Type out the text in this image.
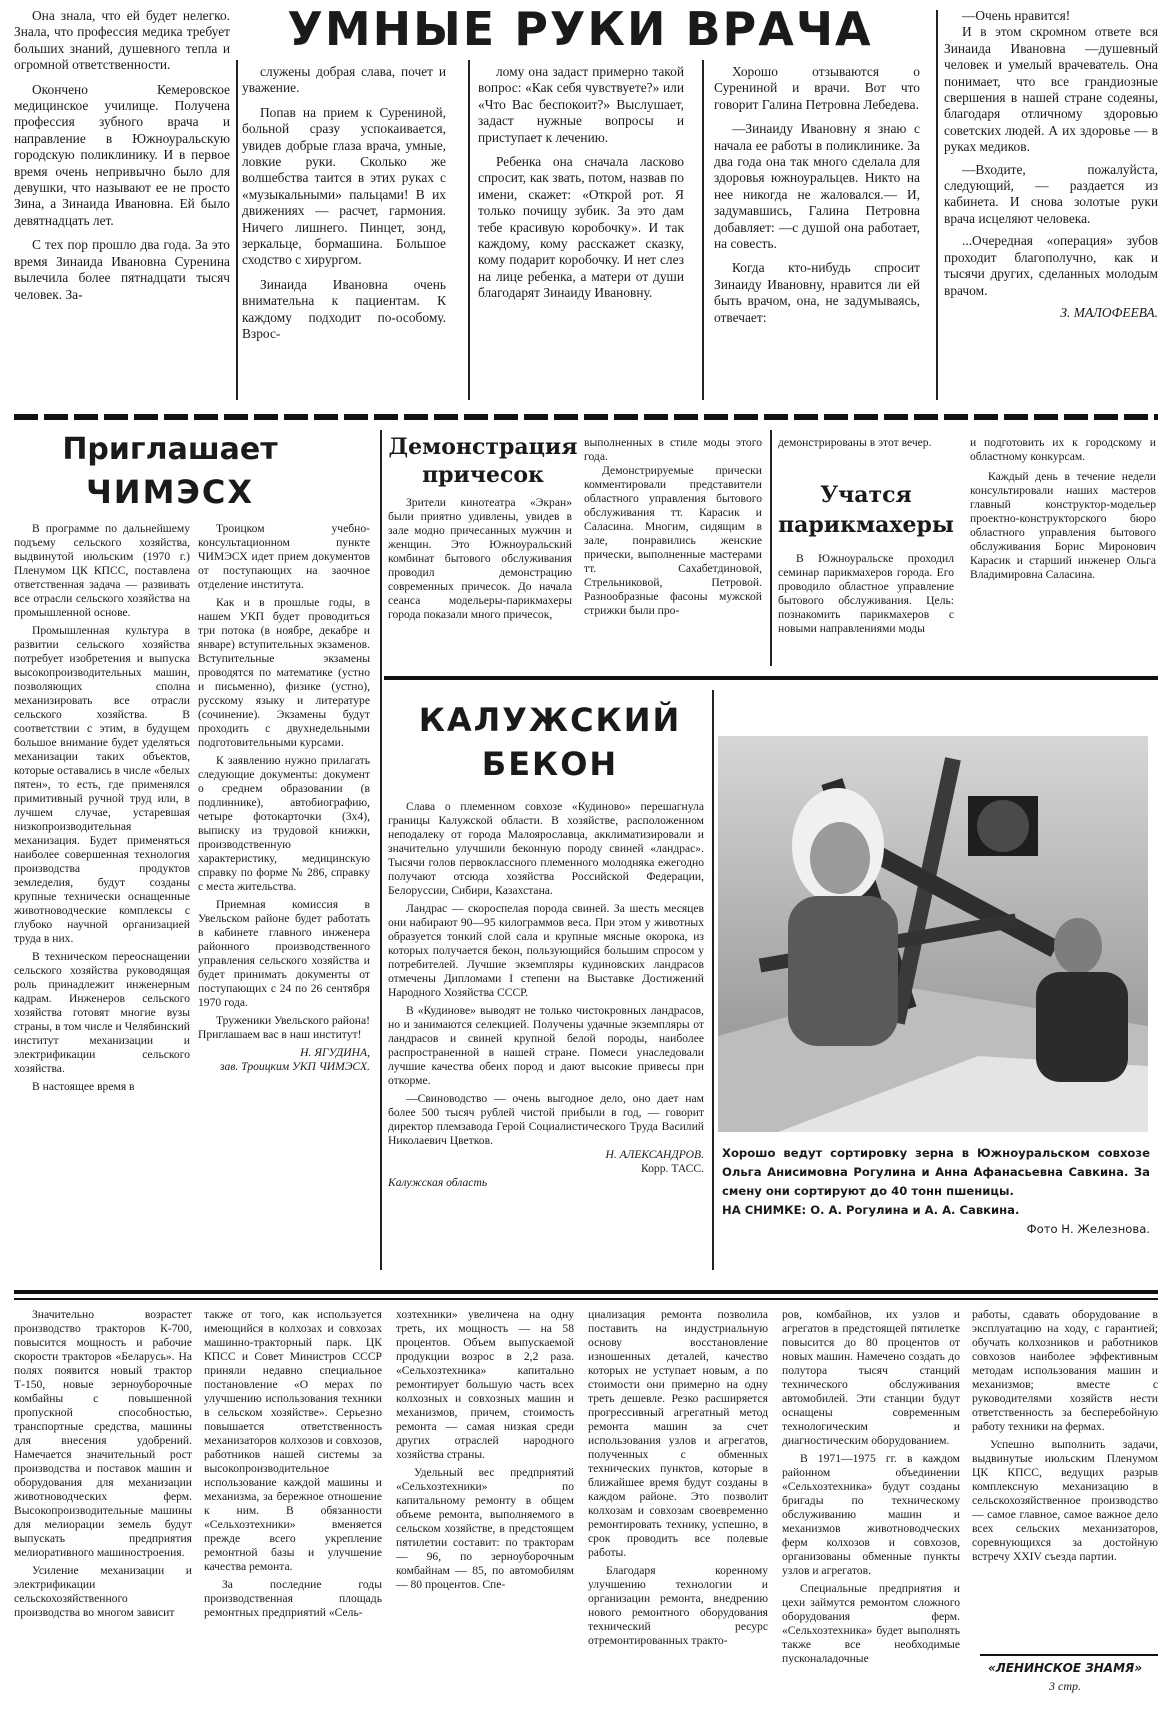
УМНЫЕ РУКИ ВРАЧА

Она знала, что ей будет нелегко. Знала, что профессия медика требует больших знаний, душевного тепла и огромной ответственности.

Окончено Кемеровское медицинское училище. Получена профессия зубного врача и направление в Южноуральскую городскую поликлинику. И в первое время очень непривычно было для девушки, что называют ее не просто Зина, а Зинаида Ивановна. Ей было девятнадцать лет.

С тех пор прошло два года. За это время Зинаида Ивановна Суренина вылечила более пятнадцати тысяч человек. За-

служены добрая слава, почет и уважение.

Попав на прием к Сурениной, больной сразу успокаивается, увидев добрые глаза врача, умные, ловкие руки. Сколько же волшебства таится в этих руках с «музыкальными» пальцами! В их движениях — расчет, гармония. Ничего лишнего. Пинцет, зонд, зеркальце, бормашина. Большое сходство с хирургом.

Зинаида Ивановна очень внимательна к пациентам. К каждому подходит по-особому. Взрос-

лому она задаст примерно такой вопрос: «Как себя чувствуете?» или «Что Вас беспокоит?» Выслушает, задаст нужные вопросы и приступает к лечению.

Ребенка она сначала ласково спросит, как звать, потом, назвав по имени, скажет: «Открой рот. Я только почищу зубик. За это дам тебе красивую коробочку». И так каждому, кому расскажет сказку, кому подарит коробочку. И нет слез на лице ребенка, а матери от души благодарят Зинаиду Ивановну.

Хорошо отзываются о Сурениной и врачи. Вот что говорит Галина Петровна Лебедева.

—Зинаиду Ивановну я знаю с начала ее работы в поликлинике. За два года она так много сделала для здоровья южноуральцев. Никто на нее никогда не жаловался.— И, задумавшись, Галина Петровна добавляет: —с душой она работает, на совесть.

Когда кто-нибудь спросит Зинаиду Ивановну, нравится ли ей быть врачом, она, не задумываясь, отвечает:

—Очень нравится!

И в этом скромном ответе вся Зинаида Ивановна —душевный человек и умелый врачеватель. Она понимает, что все грандиозные свершения в нашей стране содеяны, благодаря отличному здоровью советских людей. А их здоровье — в руках медиков.

—Входите, пожалуйста, следующий, — раздается из кабинета. И снова золотые руки врача исцеляют человека.

...Очередная «операция» зубов проходит благополучно, как и тысячи других, сделанных молодым врачом.

З. МАЛОФЕЕВА.
Приглашает
ЧИМЭСХ

В программе по дальнейшему подъему сельского хозяйства, выдвинутой июльским (1970 г.) Пленумом ЦК КПСС, поставлена ответственная задача — развивать все отрасли сельского хозяйства на промышленной основе.

Промышленная культура в развитии сельского хозяйства потребует изобретения и выпуска высокопроизводительных машин, позволяющих сполна механизировать все отрасли сельского хозяйства. В соответствии с этим, в будущем большое внимание будет уделяться механизации таких объектов, которые оставались в числе «белых пятен», то есть, где применялся примитивный ручной труд или, в лучшем случае, устаревшая низкопроизводительная механизация. Будет применяться наиболее совершенная технология производства продуктов земледелия, будут созданы крупные технически оснащенные животноводческие комплексы с глубоко научной организацией труда в них.

В техническом переоснащении сельского хозяйства руководящая роль принадлежит инженерным кадрам. Инженеров сельского хозяйства готовят многие вузы страны, в том числе и Челябинский институт механизации и электрификации сельского хозяйства.

В настоящее время в

Троицком учебно-консультационном пункте ЧИМЭСХ идет прием документов от поступающих на заочное отделение института.

Как и в прошлые годы, в нашем УКП будет проводиться три потока (в ноябре, декабре и январе) вступительных экзаменов. Вступительные экзамены проводятся по математике (устно и письменно), физике (устно), русскому языку и литературе (сочинение). Экзамены будут проходить с двухнедельными подготовительными курсами.

К заявлению нужно прилагать следующие документы: документ о среднем образовании (в подлиннике), автобиографию, четыре фотокарточки (3х4), выписку из трудовой книжки, производственную характеристику, медицинскую справку по форме № 286, справку с места жительства.

Приемная комиссия в Увельском районе будет работать в кабинете главного инженера районного производственного управления сельского хозяйства и будет принимать документы от поступающих с 24 по 26 сентября 1970 года.

Труженики Увельского района! Приглашаем вас в наш институт!

Н. ЯГУДИНА,
зав. Троицким УКП ЧИМЭСХ.
Демонстрация
причесок

Зрители кинотеатра «Экран» были приятно удивлены, увидев в зале модно причесанных мужчин и женщин. Это Южноуральский комбинат бытового обслуживания проводил демонстрацию современных причесок. До начала сеанса модельеры-парикмахеры города показали много причесок,

выполненных в стиле моды этого года.

Демонстрируемые прически комментировали представители областного управления бытового обслуживания тт. Карасик и Саласина. Многим, сидящим в зале, понравились женские прически, выполненные мастерами тт. Сахабетдиновой, Стрельниковой, Петровой. Разнообразные фасоны мужской стрижки были про-

демонстрированы в этот вечер.

Учатся
парикмахеры

В Южноуральске проходил семинар парикмахеров города. Его проводило областное управление бытового обслуживания. Цель: познакомить парикмахеров с новыми направлениями моды

и подготовить их к городскому и областному конкурсам.

Каждый день в течение недели консультировали наших мастеров главный конструктор-модельер проектно-конструкторского бюро областного управления бытового обслуживания Борис Миронович Карасик и старший инженер Ольга Владимировна Саласина.

КАЛУЖСКИЙ
БЕКОН

Слава о племенном совхозе «Кудиново» перешагнула границы Калужской области. В хозяйстве, расположенном неподалеку от города Малоярославца, акклиматизировали и значительно улучшили беконную породу свиней «ландрас». Тысячи голов первоклассного племенного молодняка ежегодно получают отсюда хозяйства Российской Федерации, Белоруссии, Сибири, Казахстана.

Ландрас — скороспелая порода свиней. За шесть месяцев они набирают 90—95 килограммов веса. При этом у животных образуется тонкий слой сала и крупные мясные окорока, из которых получается бекон, пользующийся большим спросом у потребителей. Лучшие экземпляры кудиновских ландрасов отмечены Дипломами I степени на Выставке Достижений Народного Хозяйства СССР.

В «Кудинове» выводят не только чистокровных ландрасов, но и занимаются селекцией. Получены удачные экземпляры от ландрасов и свиней крупной белой породы, наиболее распространенной в нашей стране. Помеси унаследовали лучшие качества обеих пород и дают высокие привесы при откорме.

—Свиноводство — очень выгодное дело, оно дает нам более 500 тысяч рублей чистой прибыли в год, — говорит директор племзавода Герой Социалистического Труда Василий Николаевич Цветков.

Н. АЛЕКСАНДРОВ.
Корр. ТАСС.
Калужская область
Хорошо ведут сортировку зерна в Южноуральском совхозе Ольга Анисимовна Рогулина и Анна Афанасьевна Савкина. За смену они сортируют до 40 тонн пшеницы.
НА СНИМКЕ: О. А. Рогулина и А. А. Савкина.
Фото Н. Железнова.

Значительно возрастет производство тракторов К-700, повысится мощность и рабочие скорости тракторов «Беларусь». На полях появится новый трактор Т-150, новые зерноуборочные комбайны с повышенной пропускной способностью, транспортные средства, машины для внесения удобрений. Намечается значительный рост производства и поставок машин и оборудования для механизации животноводческих ферм. Высокопроизводительные машины для мелиорации земель будут выпускать предприятия мелиоративного машиностроения.

Усиление механизации и электрификации сельскохозяйственного производства во многом зависит

также от того, как используется имеющийся в колхозах и совхозах машинно-тракторный парк. ЦК КПСС и Совет Министров СССР приняли недавно специальное постановление «О мерах по улучшению использования техники в сельском хозяйстве». Серьезно повышается ответственность механизаторов колхозов и совхозов, работников нашей системы за высокопроизводительное использование каждой машины и механизма, за бережное отношение к ним. В обязанности «Сельхозтехники» вменяется прежде всего укрепление ремонтной базы и улучшение качества ремонта.

За последние годы производственная площадь ремонтных предприятий «Сель-

хозтехники» увеличена на одну треть, их мощность — на 58 процентов. Объем выпускаемой продукции возрос в 2,2 раза. «Сельхозтехника» капитально ремонтирует большую часть всех колхозных и совхозных машин и механизмов, причем, стоимость ремонта — самая низкая среди других отраслей народного хозяйства страны.

Удельный вес предприятий «Сельхозтехники» по капитальному ремонту в общем объеме ремонта, выполняемого в сельском хозяйстве, в предстоящем пятилетии составит: по тракторам — 96, по зерноуборочным комбайнам — 85, по автомобилям — 80 процентов. Спе-

циализация ремонта позволила поставить на индустриальную основу восстановление изношенных деталей, качество которых не уступает новым, а по стоимости они примерно на одну треть дешевле. Резко расширяется прогрессивный агрегатный метод ремонта машин за счет использования узлов и агрегатов, полученных с обменных технических пунктов, которые в ближайшее время будут созданы в каждом районе. Это позволит колхозам и совхозам своевременно ремонтировать технику, успешно, в срок проводить все полевые работы.

Благодаря коренному улучшению технологии и организации ремонта, внедрению нового ремонтного оборудования технический ресурс отремонтированных тракто-

ров, комбайнов, их узлов и агрегатов в предстоящей пятилетке повысится до 80 процентов от новых машин. Намечено создать до полутора тысяч станций технического обслуживания автомобилей. Эти станции будут оснащены современным технологическим и диагностическим оборудованием.

В 1971—1975 гг. в каждом районном объединении «Сельхозтехника» будут созданы бригады по техническому обслуживанию машин и механизмов животноводческих ферм колхозов и совхозов, организованы обменные пункты узлов и агрегатов.

Специальные предприятия и цехи займутся ремонтом сложного оборудования ферм. «Сельхозтехника» будет выполнять также все необходимые пусконаладочные

работы, сдавать оборудование в эксплуатацию на ходу, с гарантией; обучать колхозников и работников совхозов наиболее эффективным методам использования машин и механизмов; вместе с руководителями хозяйств нести ответственность за бесперебойную работу техники на фермах.

Успешно выполнить задачи, выдвинутые июльским Пленумом ЦК КПСС, ведущих разрыв комплексную механизацию в сельскохозяйственное производство — самое главное, самое важное дело всех сельских механизаторов, соревнующихся за достойную встречу XXIV съезда партии.

«ЛЕНИНСКОЕ ЗНАМЯ»
3 стр.
